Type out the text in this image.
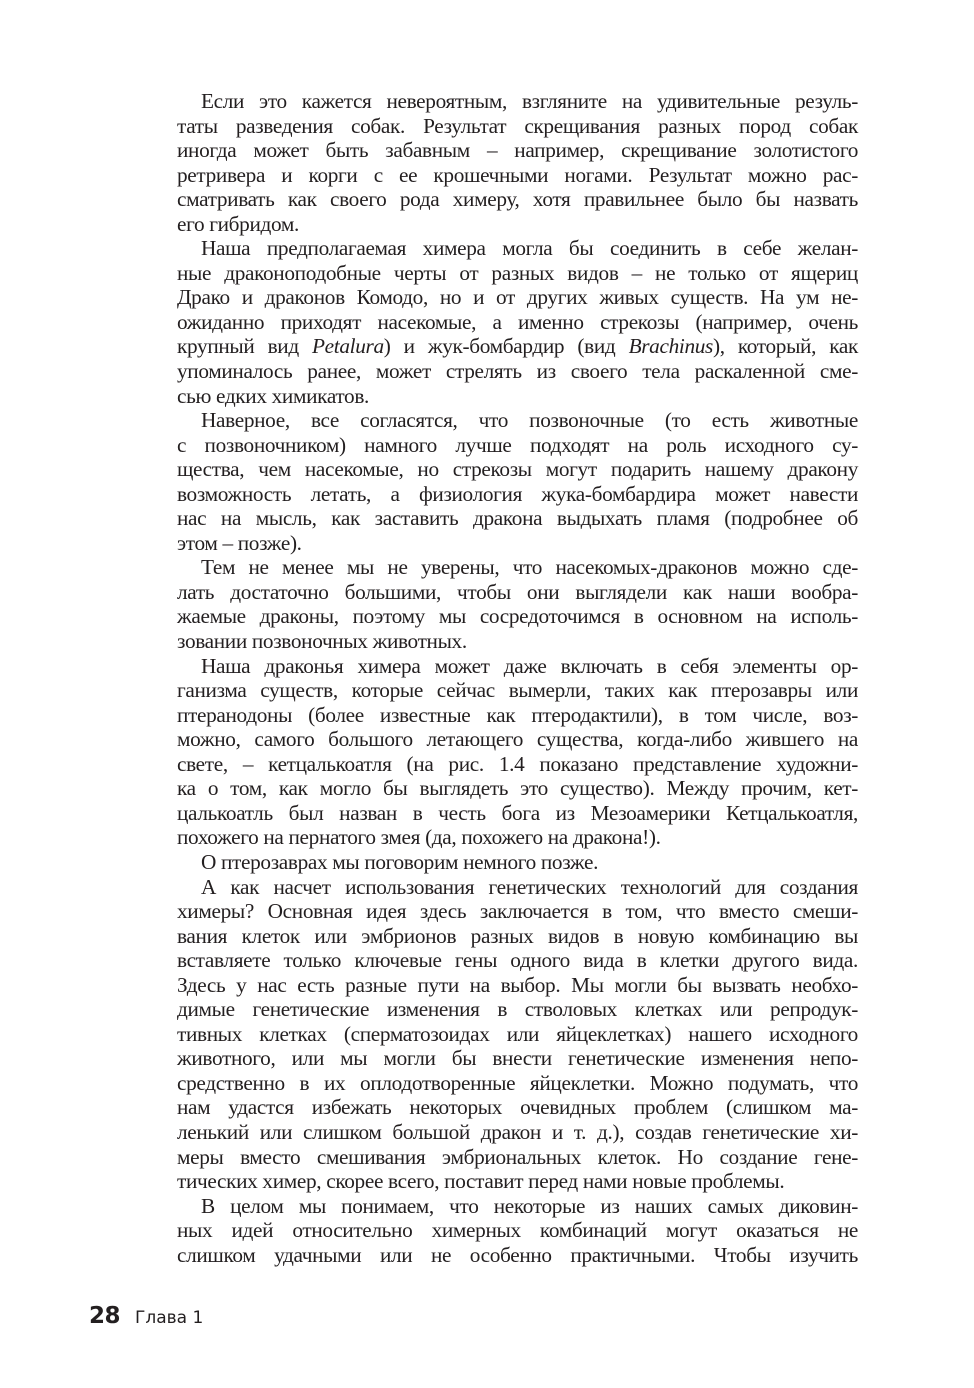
Если это кажется невероятным, взгляните на удивительные резуль-
таты разведения собак. Результат скрещивания разных пород собак
иногда может быть забавным – например, скрещивание золотистого
ретривера и корги с ее крошечными ногами. Результат можно рас-
сматривать как своего рода химеру, хотя правильнее было бы назвать
его гибридом.
Наша предполагаемая химера могла бы соединить в себе желан-
ные драконоподобные черты от разных видов – не только от ящериц
Драко и драконов Комодо, но и от других живых существ. На ум не-
ожиданно приходят насекомые, а именно стрекозы (например, очень
крупный вид Petalura) и жук-бомбардир (вид Brachinus), который, как
упоминалось ранее, может стрелять из своего тела раскаленной сме-
сью едких химикатов.
Наверное, все согласятся, что позвоночные (то есть животные
с позвоночником) намного лучше подходят на роль исходного су-
щества, чем насекомые, но стрекозы могут подарить нашему дракону
возможность летать, а физиология жука-бомбардира может навести
нас на мысль, как заставить дракона выдыхать пламя (подробнее об
этом – позже).
Тем не менее мы не уверены, что насекомых-драконов можно сде-
лать достаточно большими, чтобы они выглядели как наши вообра-
жаемые драконы, поэтому мы сосредоточимся в основном на исполь-
зовании позвоночных животных.
Наша драконья химера может даже включать в себя элементы ор-
ганизма существ, которые сейчас вымерли, таких как птерозавры или
птеранодоны (более известные как птеродактили), в том числе, воз-
можно, самого большого летающего существа, когда-либо жившего на
свете, – кетцалькоатля (на рис. 1.4 показано представление художни-
ка о том, как могло бы выглядеть это существо). Между прочим, кет-
цалькоатль был назван в честь бога из Мезоамерики Кетцалькоатля,
похожего на пернатого змея (да, похожего на дракона!).
О птерозаврах мы поговорим немного позже.
А как насчет использования генетических технологий для создания
химеры? Основная идея здесь заключается в том, что вместо смеши-
вания клеток или эмбрионов разных видов в новую комбинацию вы
вставляете только ключевые гены одного вида в клетки другого вида.
Здесь у нас есть разные пути на выбор. Мы могли бы вызвать необхо-
димые генетические изменения в стволовых клетках или репродук-
тивных клетках (сперматозоидах или яйцеклетках) нашего исходного
животного, или мы могли бы внести генетические изменения непо-
средственно в их оплодотворенные яйцеклетки. Можно подумать, что
нам удастся избежать некоторых очевидных проблем (слишком ма-
ленький или слишком большой дракон и т. д.), создав генетические хи-
меры вместо смешивания эмбриональных клеток. Но создание гене-
тических химер, скорее всего, поставит перед нами новые проблемы.
В целом мы понимаем, что некоторые из наших самых диковин-
ных идей относительно химерных комбинаций могут оказаться не
слишком удачными или не особенно практичными. Чтобы изучить
28 Глава 1
